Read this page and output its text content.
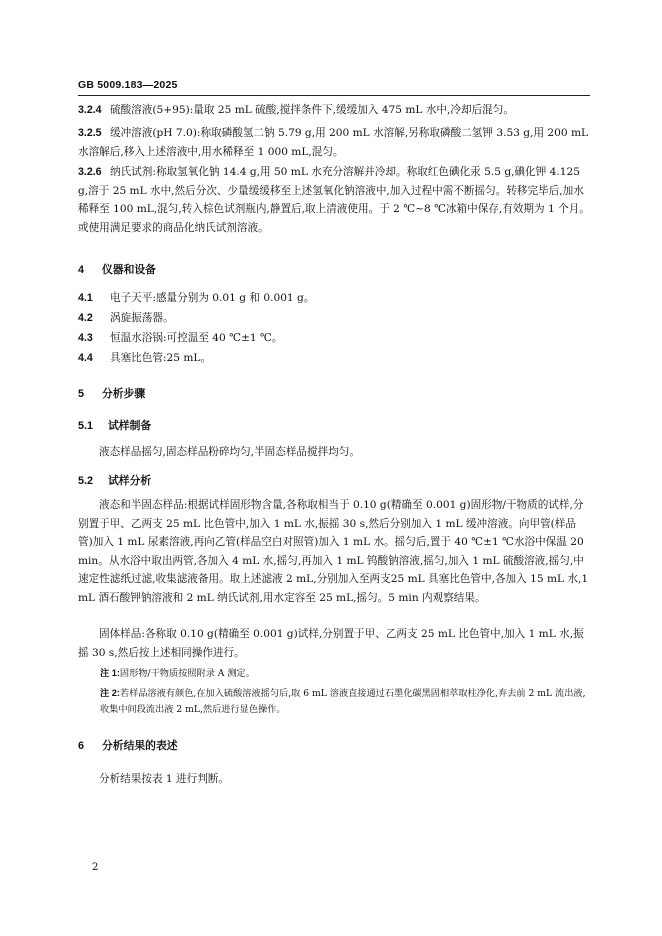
GB 5009.183—2025
3.2.4 硫酸溶液(5+95):量取 25 mL 硫酸,搅拌条件下,缓缓加入 475 mL 水中,冷却后混匀。
3.2.5 缓冲溶液(pH 7.0):称取磷酸氢二钠 5.79 g,用 200 mL 水溶解,另称取磷酸二氢钾 3.53 g,用 200 mL 水溶解后,移入上述溶液中,用水稀释至 1 000 mL,混匀。
3.2.6 纳氏试剂:称取氢氧化钠 14.4 g,用 50 mL 水充分溶解并冷却。称取红色碘化汞 5.5 g,碘化钾 4.125 g,溶于 25 mL 水中,然后分次、少量缓缓移至上述氢氧化钠溶液中,加入过程中需不断摇匀。转移完毕后,加水稀释至 100 mL,混匀,转入棕色试剂瓶内,静置后,取上清液使用。于 2 ℃~8 ℃冰箱中保存,有效期为 1 个月。或使用满足要求的商品化纳氏试剂溶液。
4 仪器和设备
4.1 电子天平:感量分别为 0.01 g 和 0.001 g。
4.2 涡旋振荡器。
4.3 恒温水浴锅:可控温至 40 ℃±1 ℃。
4.4 具塞比色管:25 mL。
5 分析步骤
5.1 试样制备
液态样品摇匀,固态样品粉碎均匀,半固态样品搅拌均匀。
5.2 试样分析
液态和半固态样品:根据试样固形物含量,各称取相当于 0.10 g(精确至 0.001 g)固形物/干物质的试样,分别置于甲、乙两支 25 mL 比色管中,加入 1 mL 水,振摇 30 s,然后分别加入 1 mL 缓冲溶液。向甲管(样品管)加入 1 mL 尿素溶液,再向乙管(样品空白对照管)加入 1 mL 水。摇匀后,置于 40 ℃±1 ℃水浴中保温 20 min。从水浴中取出两管,各加入 4 mL 水,摇匀,再加入 1 mL 钨酸钠溶液,摇匀,加入 1 mL 硫酸溶液,摇匀,中速定性滤纸过滤,收集滤液备用。取上述滤液 2 mL,分别加入至两支25 mL 具塞比色管中,各加入 15 mL 水,1 mL 酒石酸钾钠溶液和 2 mL 纳氏试剂,用水定容至 25 mL,摇匀。5 min 内观察结果。
固体样品:各称取 0.10 g(精确至 0.001 g)试样,分别置于甲、乙两支 25 mL 比色管中,加入 1 mL 水,振摇 30 s,然后按上述相同操作进行。
注 1:固形物/干物质按照附录 A 测定。
注 2:若样品溶液有颜色,在加入硫酸溶液摇匀后,取 6 mL 溶液直接通过石墨化碳黑固相萃取柱净化,弃去前 2 mL 流出液,收集中间段流出液 2 mL,然后进行显色操作。
6 分析结果的表述
分析结果按表 1 进行判断。
2
